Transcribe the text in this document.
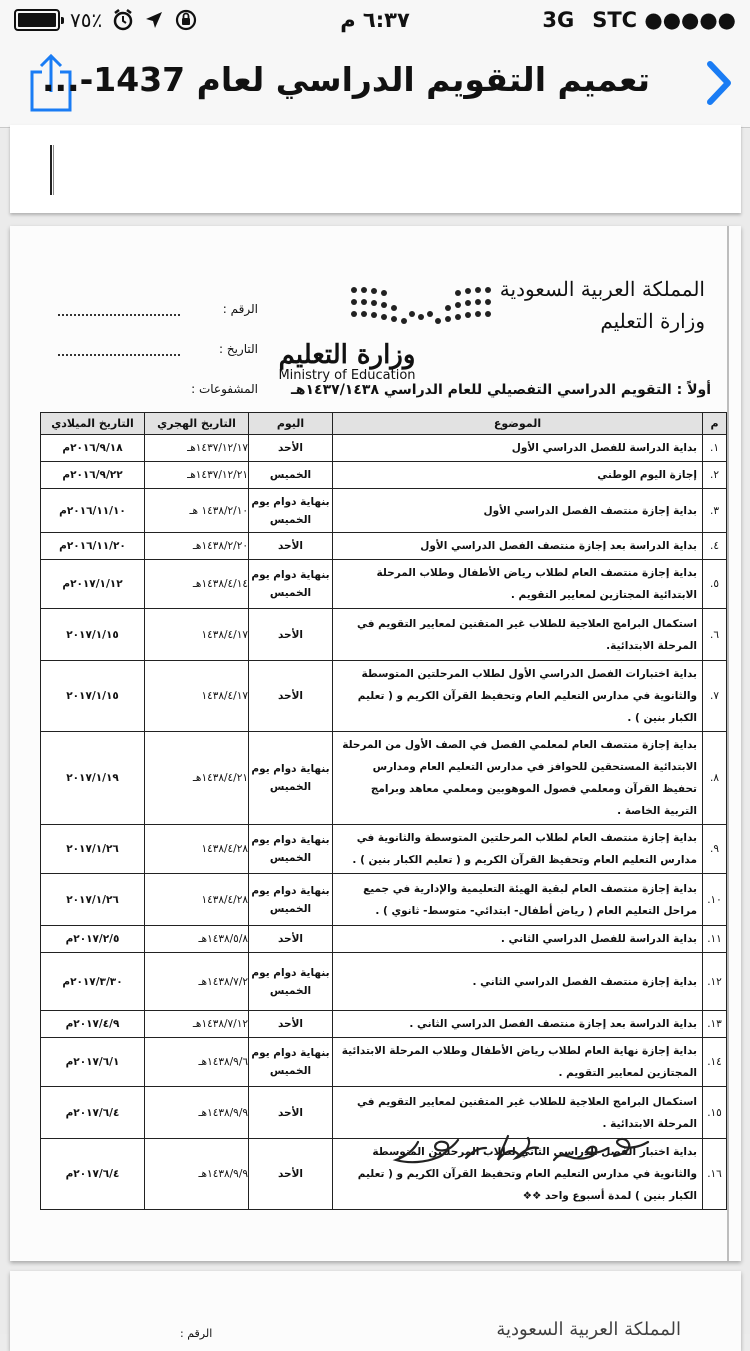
٧٥٪	٦:٣٧ م	3G STC ●●●●●
تعميم التقويم الدراسي لعام 1437-...
المملكة العربية السعودية
وزارة التعليم
الرقم :
التاريخ :
المشفوعات :
وزارة التعليم
Ministry of Education
أولاً : التقويم الدراسي التفصيلي للعام الدراسي ١٤٣٧/١٤٣٨هـ
م	الموضوع	اليوم	التاريخ الهجري	التاريخ الميلادي
١.	بداية الدراسة للفصل الدراسي الأول	الأحد	١٤٣٧/١٢/١٧هـ	٢٠١٦/٩/١٨م
٢.	إجازة اليوم الوطني	الخميس	١٤٣٧/١٢/٢١هـ	٢٠١٦/٩/٢٢م
٣.	بداية إجازة منتصف الفصل الدراسي الأول	بنهاية دوام يوم الخميس	١٤٣٨/٢/١٠ هـ	٢٠١٦/١١/١٠م
٤.	بداية الدراسة بعد إجازة منتصف الفصل الدراسي الأول	الأحد	١٤٣٨/٢/٢٠هـ	٢٠١٦/١١/٢٠م
٥.	بداية إجازة منتصف العام لطلاب رياض الأطفال وطلاب المرحلة الابتدائية المجتازين لمعايير التقويم .	بنهاية دوام يوم الخميس	١٤٣٨/٤/١٤هـ	٢٠١٧/١/١٢م
٦.	استكمال البرامج العلاجية للطلاب غير المتقنين لمعايير التقويم في المرحلة الابتدائية.	الأحد	١٤٣٨/٤/١٧	٢٠١٧/١/١٥
٧.	بداية اختبارات الفصل الدراسي الأول لطلاب المرحلتين المتوسطة والثانوية في مدارس التعليم العام وتحفيظ القرآن الكريم و ( تعليم الكبار بنين ) .	الأحد	١٤٣٨/٤/١٧	٢٠١٧/١/١٥
٨.	بداية إجازة منتصف العام لمعلمي الفصل في الصف الأول من المرحلة الابتدائية المستحقين للحوافز في مدارس التعليم العام ومدارس تحفيظ القرآن ومعلمي فصول الموهوبين ومعلمي معاهد وبرامج التربية الخاصة .	بنهاية دوام يوم الخميس	١٤٣٨/٤/٢١هـ	٢٠١٧/١/١٩
٩.	بداية إجازة منتصف العام لطلاب المرحلتين المتوسطة والثانوية في مدارس التعليم العام وتحفيظ القرآن الكريم و ( تعليم الكبار بنين ) .	بنهاية دوام يوم الخميس	١٤٣٨/٤/٢٨	٢٠١٧/١/٢٦
١٠.	بداية إجازة منتصف العام لبقية الهيئة التعليمية والإدارية في جميع مراحل التعليم العام ( رياض أطفال- ابتدائي- متوسط- ثانوي ) .	بنهاية دوام يوم الخميس	١٤٣٨/٤/٢٨	٢٠١٧/١/٢٦
١١.	بداية الدراسة للفصل الدراسي الثاني .	الأحد	١٤٣٨/٥/٨هـ	٢٠١٧/٢/٥م
١٢.	بداية إجازة منتصف الفصل الدراسي الثاني .	بنهاية دوام يوم الخميس	١٤٣٨/٧/٢هـ	٢٠١٧/٣/٣٠م
١٣.	بداية الدراسة بعد إجازة منتصف الفصل الدراسي الثاني .	الأحد	١٤٣٨/٧/١٢هـ	٢٠١٧/٤/٩م
١٤.	بداية إجازة نهاية العام لطلاب رياض الأطفال وطلاب المرحلة الابتدائية المجتازين لمعايير التقويم .	بنهاية دوام يوم الخميس	١٤٣٨/٩/٦هـ	٢٠١٧/٦/١م
١٥.	استكمال البرامج العلاجية للطلاب غير المتقنين لمعايير التقويم في المرحلة الابتدائية .	الأحد	١٤٣٨/٩/٩هـ	٢٠١٧/٦/٤م
١٦.	بداية اختبار الفصل الدراسي الثاني لطلاب المرحلتين المتوسطة والثانوية في مدارس التعليم العام وتحفيظ القرآن الكريم و ( تعليم الكبار بنين ) لمدة أسبوع واحد ❖❖	الأحد	١٤٣٨/٩/٩هـ	٢٠١٧/٦/٤م
المملكة العربية السعودية
الرقم :
